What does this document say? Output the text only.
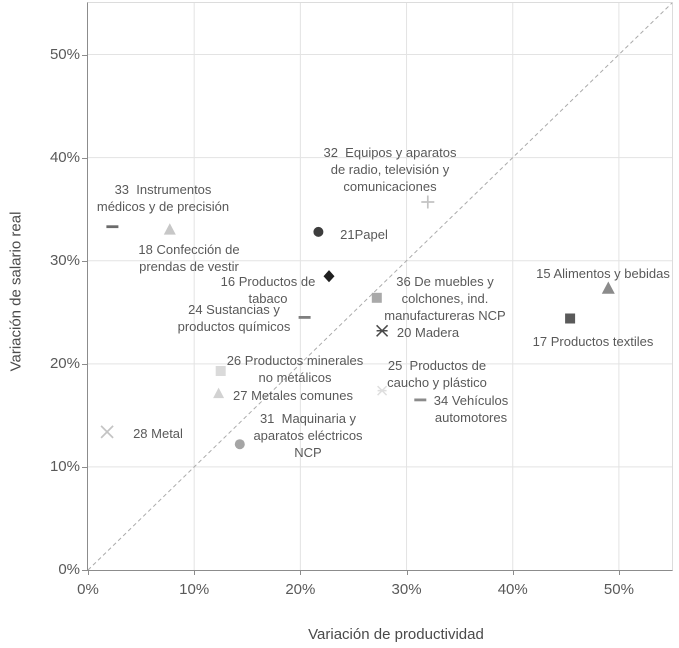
Variación de salario real
Variación de productividad
33  Instrumentos
médicos y de precisión
18 Confección de
prendas de vestir
21Papel
16 Productos de
tabaco
24 Sustancias y
productos químicos
32  Equipos y aparatos
de radio, televisión y
comunicaciones
36 De muebles y
colchones, ind.
manufactureras NCP
20 Madera
15 Alimentos y bebidas
17 Productos textiles
26 Productos minerales
no metálicos
27 Metales comunes
25  Productos de
caucho y plástico
34 Vehículos
automotores
28 Metal
31  Maquinaria y
aparatos eléctricos
NCP
0%	10%	20%	30%	40%	50%
0%
10%
20%
30%
40%
50%
